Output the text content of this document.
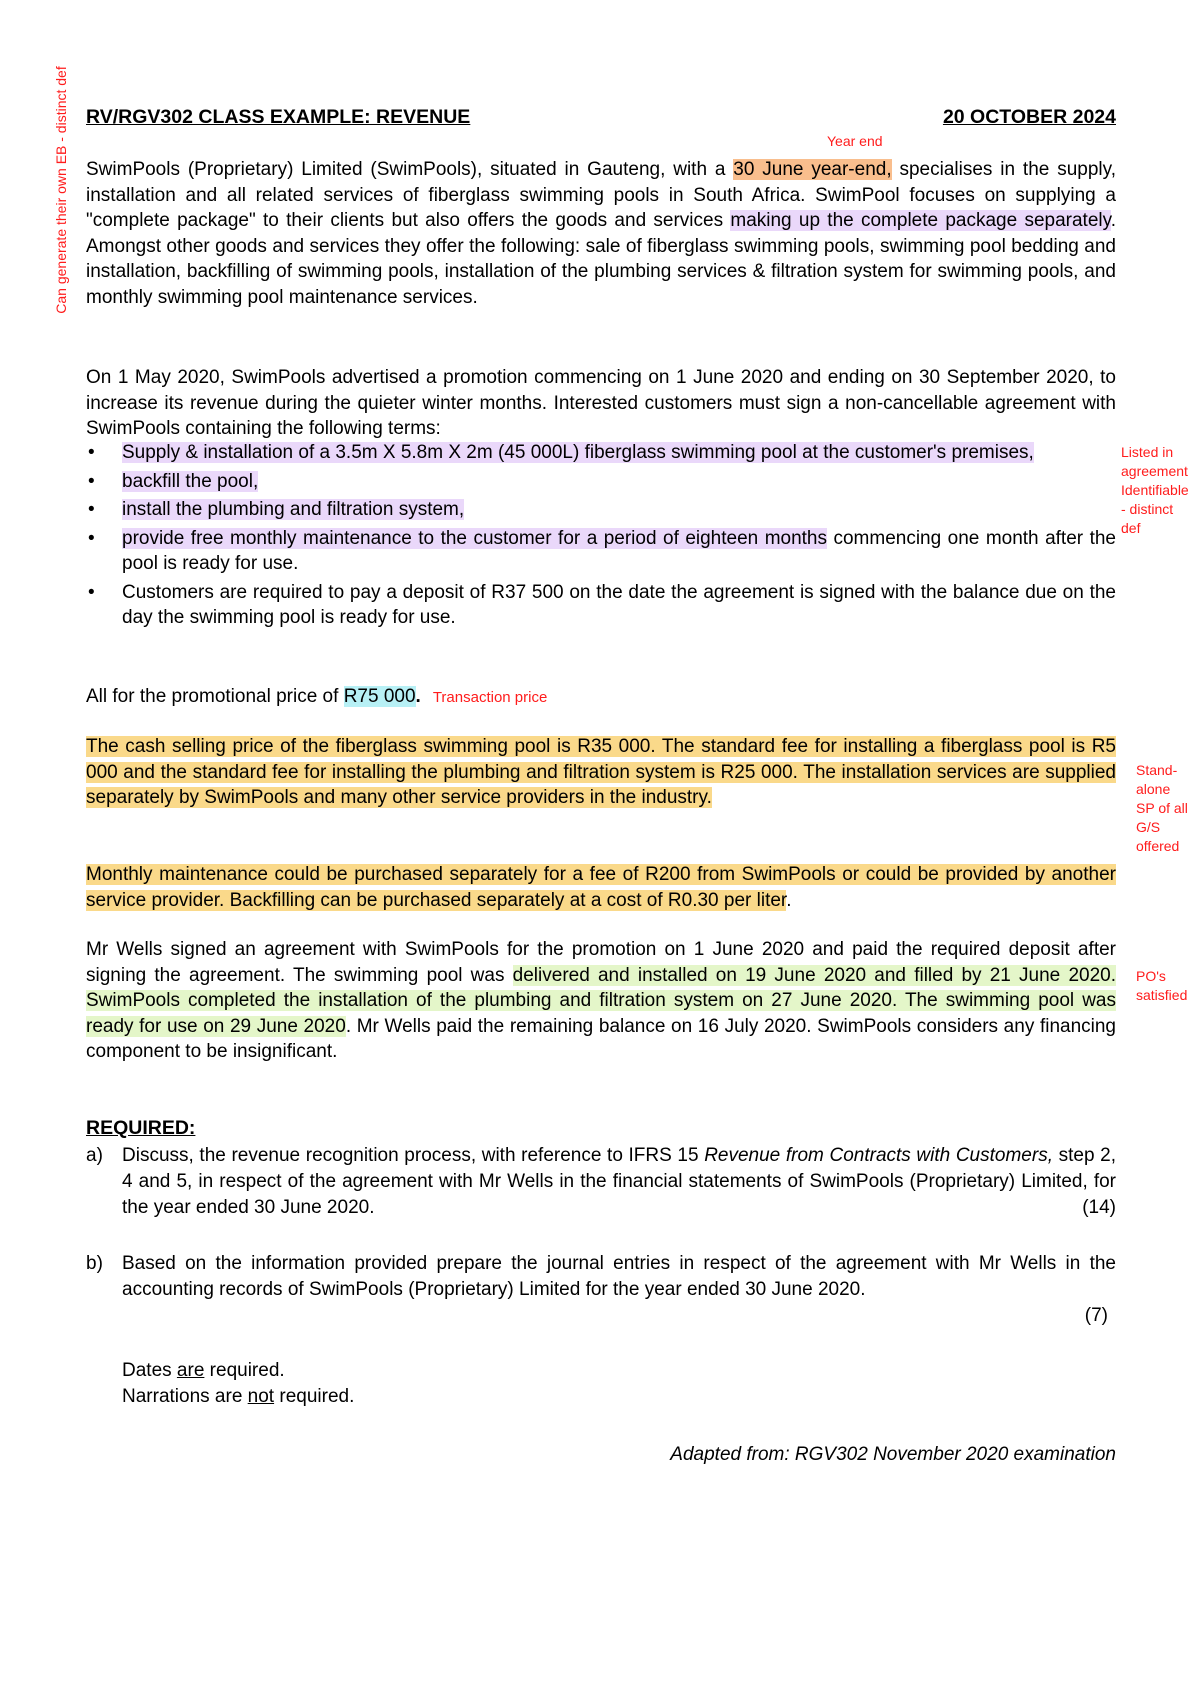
Can generate their own EB - distinct def RV/RGV302 CLASS EXAMPLE: REVENUE	20 OCTOBER 2024
Year end

SwimPools (Proprietary) Limited (SwimPools), situated in Gauteng, with a 30 June year-end, specialises in the supply, installation and all related services of fiberglass swimming pools in South Africa. SwimPool focuses on supplying a "complete package" to their clients but also offers the goods and services making up the complete package separately. Amongst other goods and services they offer the following: sale of fiberglass swimming pools, swimming pool bedding and installation, backfilling of swimming pools, installation of the plumbing services & filtration system for swimming pools, and monthly swimming pool maintenance services.

On 1 May 2020, SwimPools advertised a promotion commencing on 1 June 2020 and ending on 30 September 2020, to increase its revenue during the quieter winter months. Interested customers must sign a non-cancellable agreement with SwimPools containing the following terms:

• Supply & installation of a 3.5m X 5.8m X 2m (45 000L) fiberglass swimming pool at the customer's premises,
• backfill the pool,
• install the plumbing and filtration system,
• provide free monthly maintenance to the customer for a period of eighteen months commencing one month after the pool is ready for use.
• Customers are required to pay a deposit of R37 500 on the date the agreement is signed with the balance due on the day the swimming pool is ready for use.
Listed in
agreement
Identifiable
- distinct
def
All for the promotional price of R75 000. Transaction price

The cash selling price of the fiberglass swimming pool is R35 000. The standard fee for installing a fiberglass pool is R5 000 and the standard fee for installing the plumbing and filtration system is R25 000. The installation services are supplied separately by SwimPools and many other service providers in the industry.

Stand-
alone
SP of all
G/S
offered

Monthly maintenance could be purchased separately for a fee of R200 from SwimPools or could be provided by another service provider. Backfilling can be purchased separately at a cost of R0.30 per liter.

Mr Wells signed an agreement with SwimPools for the promotion on 1 June 2020 and paid the required deposit after signing the agreement. The swimming pool was delivered and installed on 19 June 2020 and filled by 21 June 2020. SwimPools completed the installation of the plumbing and filtration system on 27 June 2020. The swimming pool was ready for use on 29 June 2020. Mr Wells paid the remaining balance on 16 July 2020. SwimPools considers any financing component to be insignificant.

PO's
satisfied
REQUIRED:
a) Discuss, the revenue recognition process, with reference to IFRS 15 Revenue from Contracts with Customers, step 2, 4 and 5, in respect of the agreement with Mr Wells in the financial statements of SwimPools (Proprietary) Limited, for the year ended 30 June 2020.	(14)
b) Based on the information provided prepare the journal entries in respect of the agreement with Mr Wells in the accounting records of SwimPools (Proprietary) Limited for the year ended 30 June 2020.
(7)
Dates are required.
Narrations are not required.
Adapted from: RGV302 November 2020 examination
